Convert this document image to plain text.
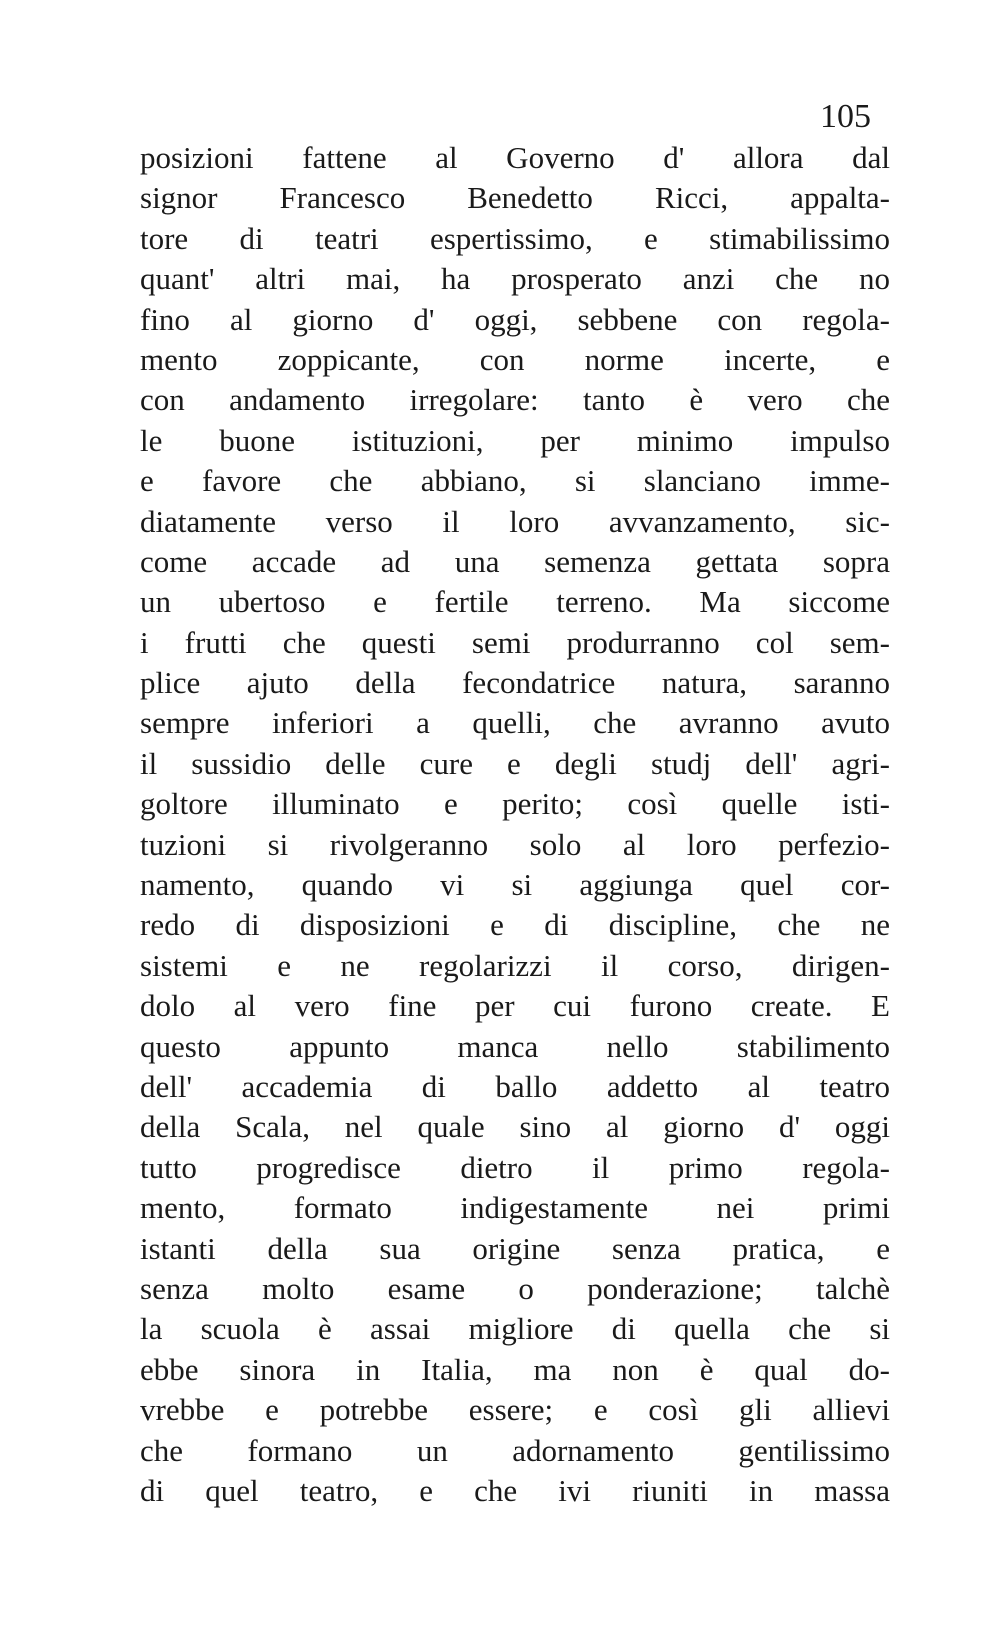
105
posizioni fattene al Governo d' allora dal
signor Francesco Benedetto Ricci, appalta-
tore di teatri espertissimo, e stimabilissimo
quant' altri mai, ha prosperato anzi che no
fino al giorno d' oggi, sebbene con regola-
mento zoppicante, con norme incerte, e
con andamento irregolare: tanto è vero che
le buone istituzioni, per minimo impulso
e favore che abbiano, si slanciano imme-
diatamente verso il loro avvanzamento, sic-
come accade ad una semenza gettata sopra
un ubertoso e fertile terreno. Ma siccome
i frutti che questi semi produrranno col sem-
plice ajuto della fecondatrice natura, saranno
sempre inferiori a quelli, che avranno avuto
il sussidio delle cure e degli studj dell' agri-
goltore illuminato e perito; così quelle isti-
tuzioni si rivolgeranno solo al loro perfezio-
namento, quando vi si aggiunga quel cor-
redo di disposizioni e di discipline, che ne
sistemi e ne regolarizzi il corso, dirigen-
dolo al vero fine per cui furono create. E
questo appunto manca nello stabilimento
dell' accademia di ballo addetto al teatro
della Scala, nel quale sino al giorno d' oggi
tutto progredisce dietro il primo regola-
mento, formato indigestamente nei primi
istanti della sua origine senza pratica, e
senza molto esame o ponderazione; talchè
la scuola è assai migliore di quella che si
ebbe sinora in Italia, ma non è qual do-
vrebbe e potrebbe essere; e così gli allievi
che formano un adornamento gentilissimo
di quel teatro, e che ivi riuniti in massa
